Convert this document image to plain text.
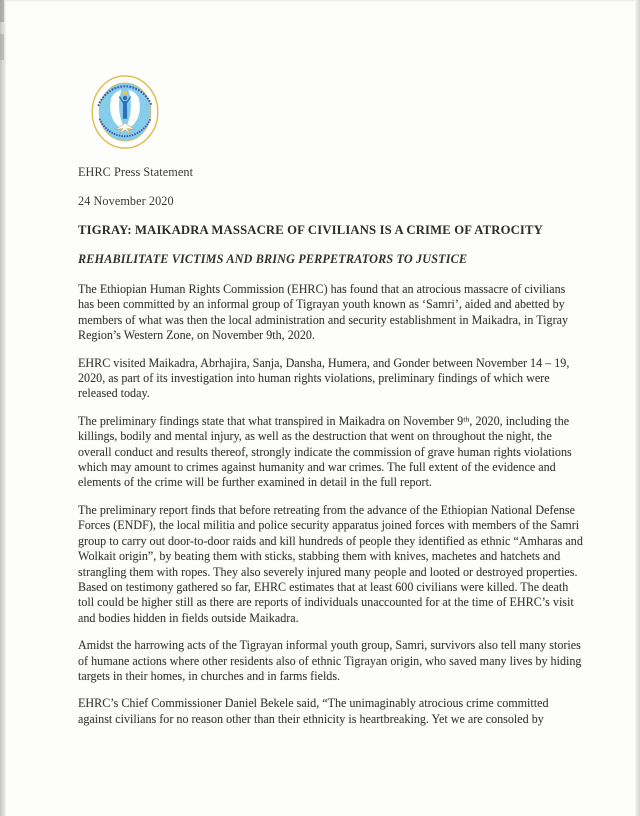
EHRC Press Statement

24 November 2020

TIGRAY: MAIKADRA MASSACRE OF CIVILIANS IS A CRIME OF ATROCITY
REHABILITATE VICTIMS AND BRING PERPETRATORS TO JUSTICE

The Ethiopian Human Rights Commission (EHRC) has found that an atrocious massacre of civilians has been committed by an informal group of Tigrayan youth known as ‘Samri’, aided and abetted by members of what was then the local administration and security establishment in Maikadra, in Tigray Region’s Western Zone, on November 9th, 2020.

EHRC visited Maikadra, Abrhajira, Sanja, Dansha, Humera, and Gonder between November 14 – 19, 2020, as part of its investigation into human rights violations, preliminary findings of which were released today.

The preliminary findings state that what transpired in Maikadra on November 9ᵗʰ, 2020, including the killings, bodily and mental injury, as well as the destruction that went on throughout the night, the overall conduct and results thereof, strongly indicate the commission of grave human rights violations which may amount to crimes against humanity and war crimes. The full extent of the evidence and elements of the crime will be further examined in detail in the full report.

The preliminary report finds that before retreating from the advance of the Ethiopian National Defense Forces (ENDF), the local militia and police security apparatus joined forces with members of the Samri group to carry out door-to-door raids and kill hundreds of people they identified as ethnic “Amharas and Wolkait origin”, by beating them with sticks, stabbing them with knives, machetes and hatchets and strangling them with ropes. They also severely injured many people and looted or destroyed properties. Based on testimony gathered so far, EHRC estimates that at least 600 civilians were killed. The death toll could be higher still as there are reports of individuals unaccounted for at the time of EHRC’s visit and bodies hidden in fields outside Maikadra.

Amidst the harrowing acts of the Tigrayan informal youth group, Samri, survivors also tell many stories of humane actions where other residents also of ethnic Tigrayan origin, who saved many lives by hiding targets in their homes, in churches and in farms fields.

EHRC’s Chief Commissioner Daniel Bekele said, “The unimaginably atrocious crime committed against civilians for no reason other than their ethnicity is heartbreaking. Yet we are consoled by
